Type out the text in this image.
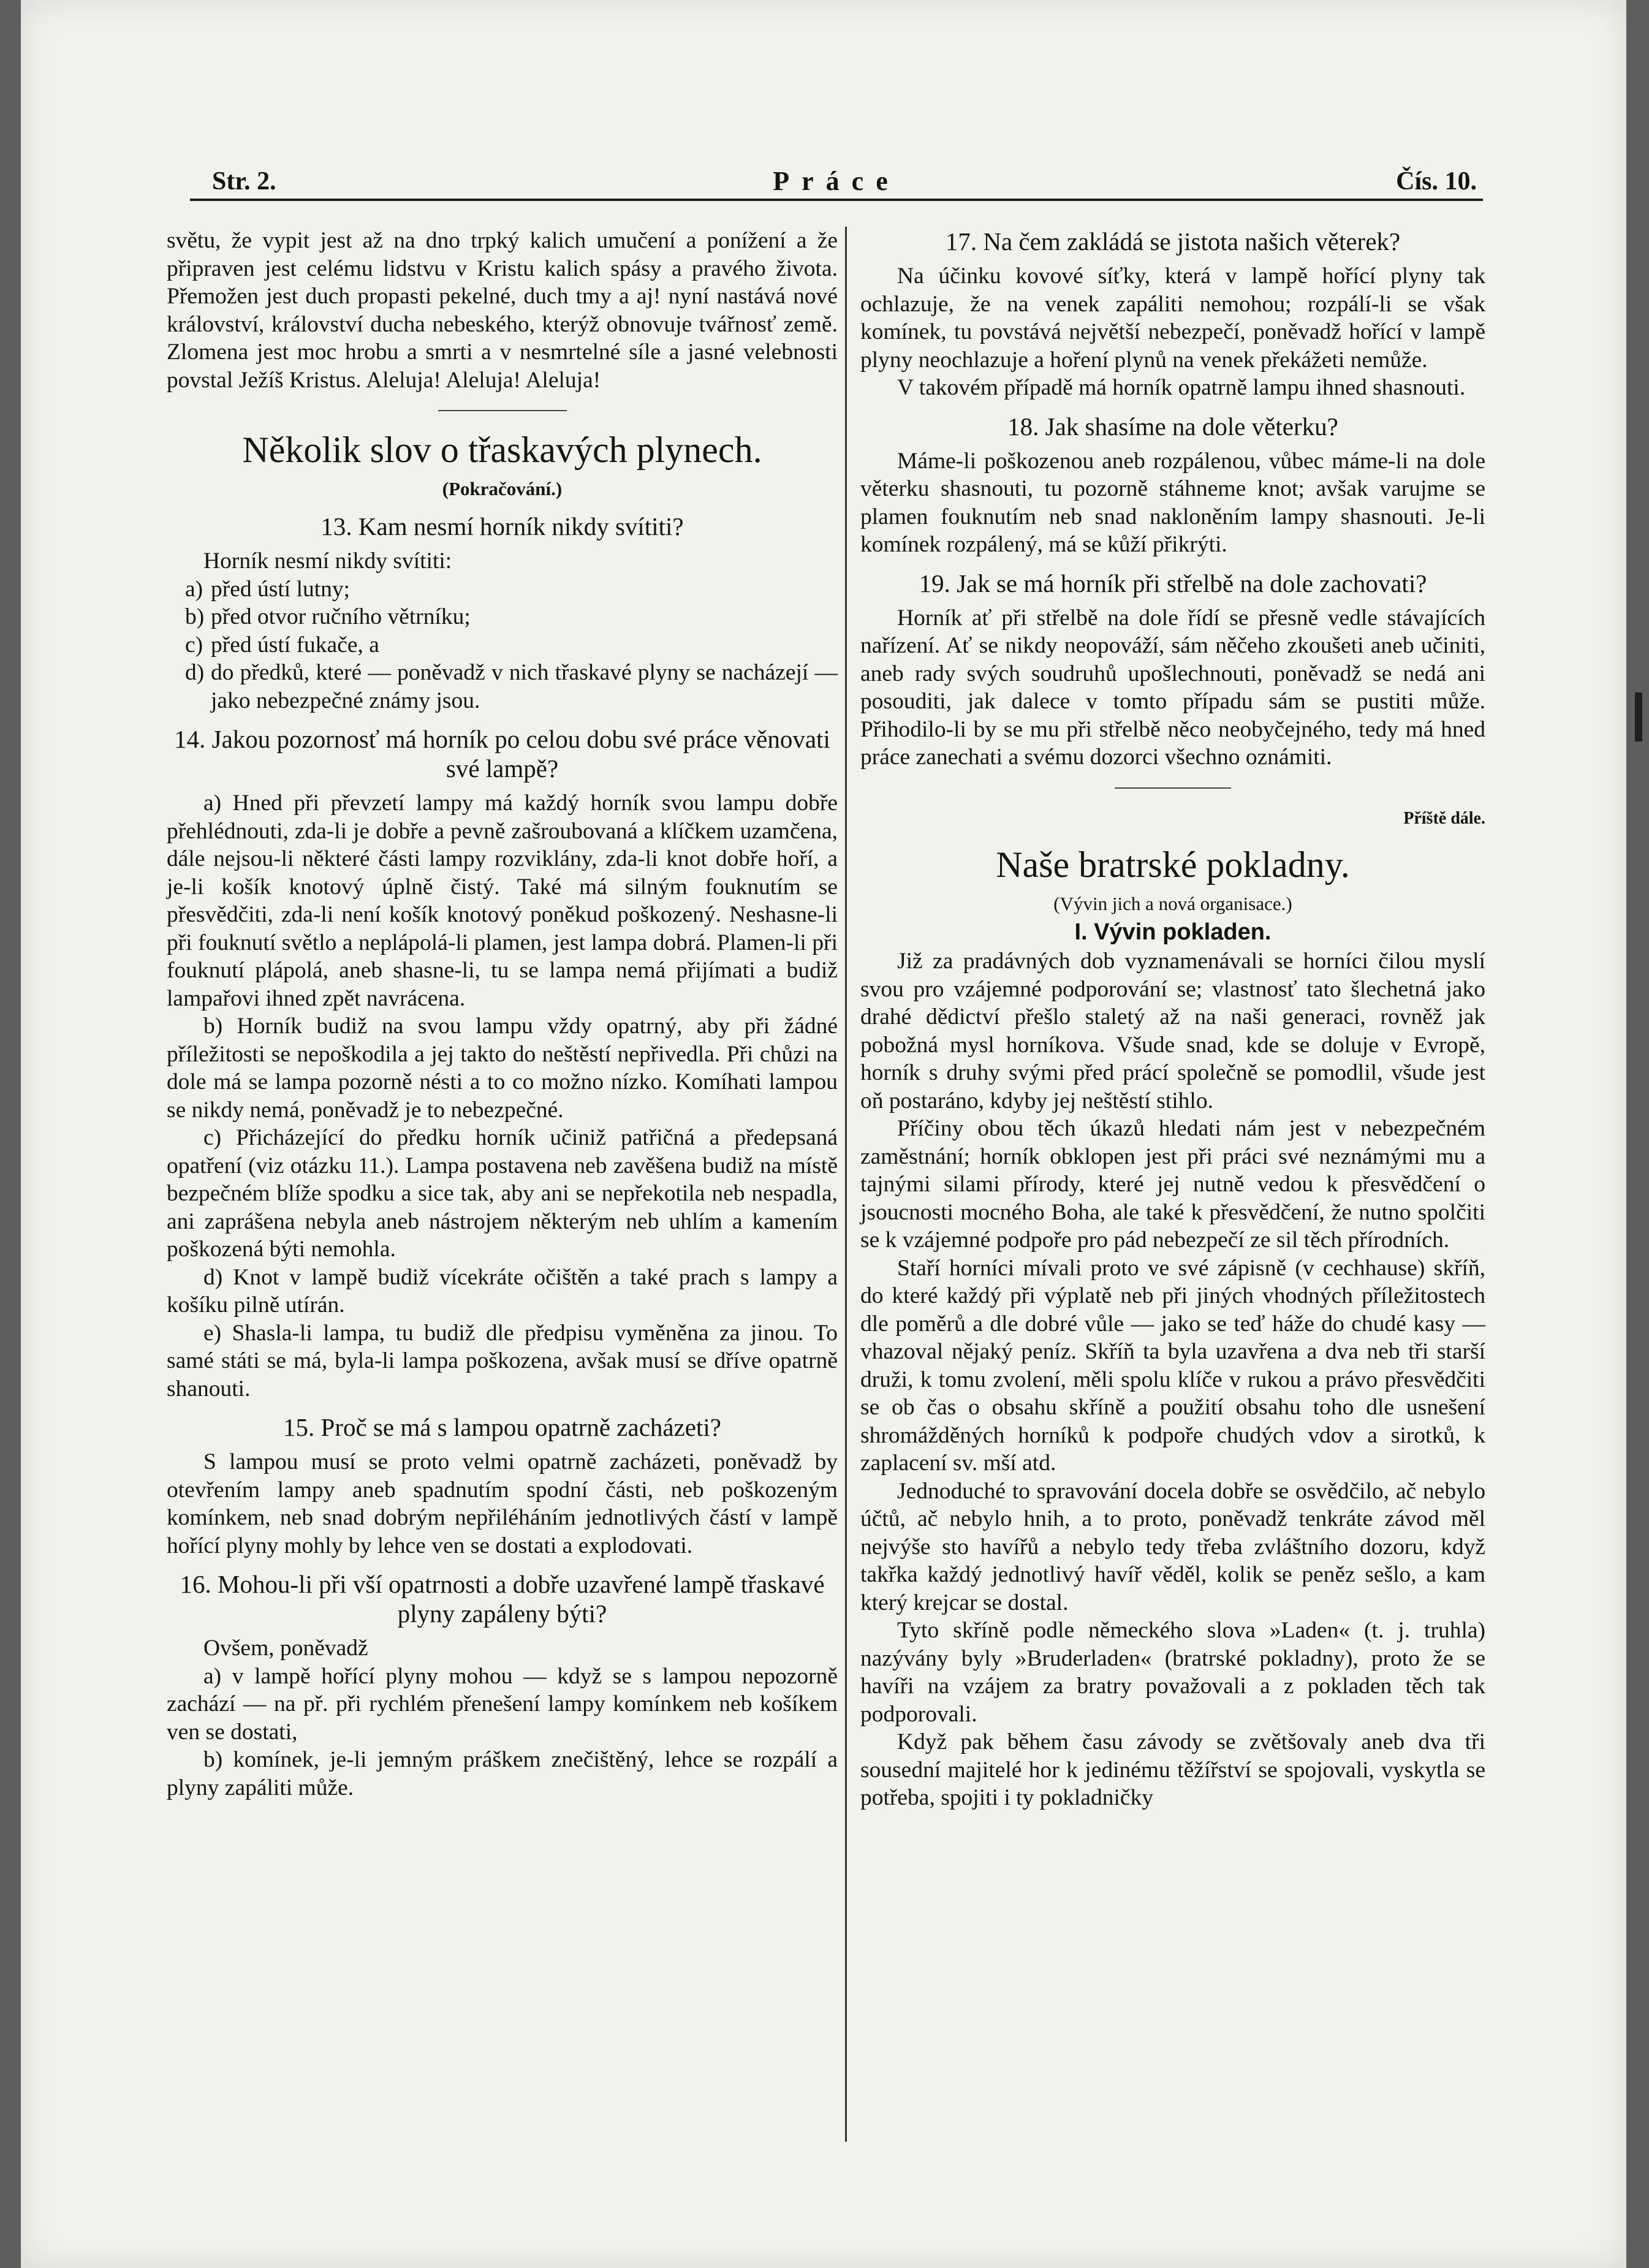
Str. 2.	Práce	Čís. 10.

světu, že vypit jest až na dno trpký kalich umučení a ponížení a že připraven jest celému lidstvu v Kristu kalich spásy a pravého života. Přemožen jest duch propasti pekelné, duch tmy a aj! nyní nastává nové království, království ducha nebeského, kterýž obnovuje tvářnosť země. Zlomena jest moc hrobu a smrti a v nesmrtelné síle a jasné velebnosti povstal Ježíš Kristus. Aleluja! Aleluja! Aleluja!

Několik slov o třaskavých plynech.

(Pokračování.)

13. Kam nesmí horník nikdy svítiti?

Horník nesmí nikdy svítiti:

a) před ústí lutny;

b) před otvor ručního větrníku;

c) před ústí fukače, a

d) do předků, které — poněvadž v nich třaskavé plyny se nacházejí — jako nebezpečné známy jsou.

14. Jakou pozornosť má horník po celou dobu své práce věnovati své lampě?

a) Hned při převzetí lampy má každý horník svou lampu dobře přehlédnouti, zda-li je dobře a pevně zašroubovaná a klíčkem uzamčena, dále nejsou-li některé části lampy rozviklány, zda-li knot dobře hoří, a je-li košík knotový úplně čistý. Také má silným fouknutím se přesvědčiti, zda-li není košík knotový poněkud poškozený. Neshasne-li při fouknutí světlo a neplápolá-li plamen, jest lampa dobrá. Plamen-li při fouknutí plápolá, aneb shasne-li, tu se lampa nemá přijímati a budiž lampařovi ihned zpět navrácena.

b) Horník budiž na svou lampu vždy opatrný, aby při žádné příležitosti se nepoškodila a jej takto do neštěstí nepřivedla. Při chůzi na dole má se lampa pozorně nésti a to co možno nízko. Komíhati lampou se nikdy nemá, poněvadž je to nebezpečné.

c) Přicházející do předku horník učiniž patřičná a předepsaná opatření (viz otázku 11.). Lampa postavena neb zavěšena budiž na místě bezpečném blíže spodku a sice tak, aby ani se nepřekotila neb nespadla, ani zaprášena nebyla aneb nástrojem některým neb uhlím a kamením poškozená býti nemohla.

d) Knot v lampě budiž vícekráte očištěn a také prach s lampy a košíku pilně utírán.

e) Shasla-li lampa, tu budiž dle předpisu vyměněna za jinou. To samé státi se má, byla-li lampa poškozena, avšak musí se dříve opatrně shanouti.

15. Proč se má s lampou opatrně zacházeti?

S lampou musí se proto velmi opatrně zacházeti, poněvadž by otevřením lampy aneb spadnutím spodní části, neb poškozeným komínkem, neb snad dobrým nepřiléháním jednotlivých částí v lampě hořící plyny mohly by lehce ven se dostati a explodovati.

16. Mohou-li při vší opatrnosti a dobře uzavřené lampě třaskavé plyny zapáleny býti?

Ovšem, poněvadž

a) v lampě hořící plyny mohou — když se s lampou nepozorně zachází — na př. při rychlém přenešení lampy komínkem neb košíkem ven se dostati,

b) komínek, je-li jemným práškem znečištěný, lehce se rozpálí a plyny zapáliti může.

17. Na čem zakládá se jistota našich věterek?

Na účinku kovové síťky, která v lampě hořící plyny tak ochlazuje, že na venek zapáliti nemohou; rozpálí-li se však komínek, tu povstává největší nebezpečí, poněvadž hořící v lampě plyny neochlazuje a hoření plynů na venek překážeti nemůže.

V takovém případě má horník opatrně lampu ihned shasnouti.

18. Jak shasíme na dole věterku?

Máme-li poškozenou aneb rozpálenou, vůbec máme-li na dole věterku shasnouti, tu pozorně stáhneme knot; avšak varujme se plamen fouknutím neb snad nakloněním lampy shasnouti. Je-li komínek rozpálený, má se kůží přikrýti.

19. Jak se má horník při střelbě na dole zachovati?

Horník ať při střelbě na dole řídí se přesně vedle stávajících nařízení. Ať se nikdy neopováží, sám něčeho zkoušeti aneb učiniti, aneb rady svých soudruhů upošlechnouti, poněvadž se nedá ani posouditi, jak dalece v tomto případu sám se pustiti může. Přihodilo-li by se mu při střelbě něco neobyčejného, tedy má hned práce zanechati a svému dozorci všechno oznámiti.

Příště dále.

Naše bratrské pokladny.

(Vývin jich a nová organisace.)

I. Vývin pokladen.

Již za pradávných dob vyznamenávali se horníci čilou myslí svou pro vzájemné podporování se; vlastnosť tato šlechetná jako drahé dědictví přešlo staletý až na naši generaci, rovněž jak pobožná mysl horníkova. Všude snad, kde se doluje v Evropě, horník s druhy svými před prácí společně se pomodlil, všude jest oň postaráno, kdyby jej neštěstí stihlo.

Příčiny obou těch úkazů hledati nám jest v nebezpečném zaměstnání; horník obklopen jest při práci své neznámými mu a tajnými silami přírody, které jej nutně vedou k přesvědčení o jsoucnosti mocného Boha, ale také k přesvědčení, že nutno spolčiti se k vzájemné podpoře pro pád nebezpečí ze sil těch přírodních.

Staří horníci mívali proto ve své zápisně (v cechhause) skříň, do které každý při výplatě neb při jiných vhodných příležitostech dle poměrů a dle dobré vůle — jako se teď háže do chudé kasy — vhazoval nějaký peníz. Skříň ta byla uzavřena a dva neb tři starší druži, k tomu zvolení, měli spolu klíče v rukou a právo přesvědčiti se ob čas o obsahu skříně a použití obsahu toho dle usnešení shromážděných horníků k podpoře chudých vdov a sirotků, k zaplacení sv. mší atd.

Jednoduché to spravování docela dobře se osvědčilo, ač nebylo účtů, ač nebylo hnih, a to proto, poněvadž tenkráte závod měl nejvýše sto havířů a nebylo tedy třeba zvláštního dozoru, když takřka každý jednotlivý havíř věděl, kolik se peněz sešlo, a kam který krejcar se dostal.

Tyto skříně podle německého slova »Laden« (t. j. truhla) nazývány byly »Bruderladen« (bratrské pokladny), proto že se havíři na vzájem za bratry považovali a z pokladen těch tak podporovali.

Když pak během času závody se zvětšovaly aneb dva tři sousední majitelé hor k jedinému těžířství se spojovali, vyskytla se potřeba, spojiti i ty pokladničky
